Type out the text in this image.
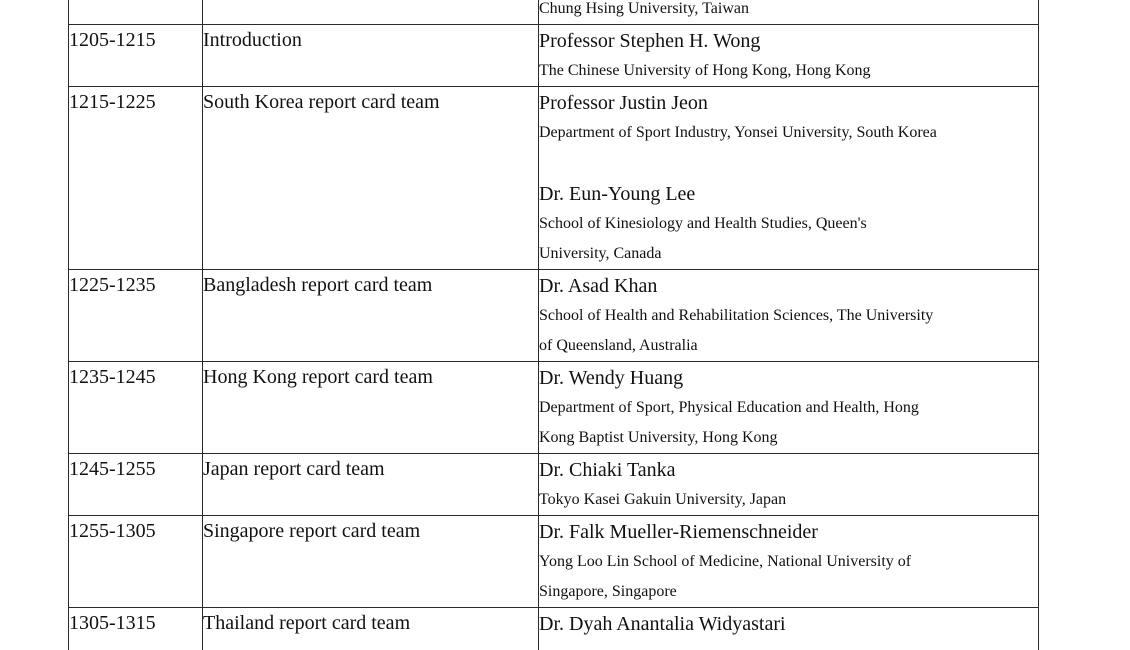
		Chung Hsing University, Taiwan

1205-1215	Introduction	Professor Stephen H. Wong
The Chinese University of Hong Kong, Hong Kong

1215-1225	South Korea report card team	Professor Justin Jeon
Department of Sport Industry, Yonsei University, South Korea
Dr. Eun-Young Lee
School of Kinesiology and Health Studies, Queen's
University, Canada

1225-1235	Bangladesh report card team	Dr. Asad Khan
School of Health and Rehabilitation Sciences, The University
of Queensland, Australia

1235-1245	Hong Kong report card team	Dr. Wendy Huang
Department of Sport, Physical Education and Health, Hong
Kong Baptist University, Hong Kong

1245-1255	Japan report card team	Dr. Chiaki Tanka
Tokyo Kasei Gakuin University, Japan

1255-1305	Singapore report card team	Dr. Falk Mueller-Riemenschneider
Yong Loo Lin School of Medicine, National University of
Singapore, Singapore

1305-1315	Thailand report card team	Dr. Dyah Anantalia Widyastari
